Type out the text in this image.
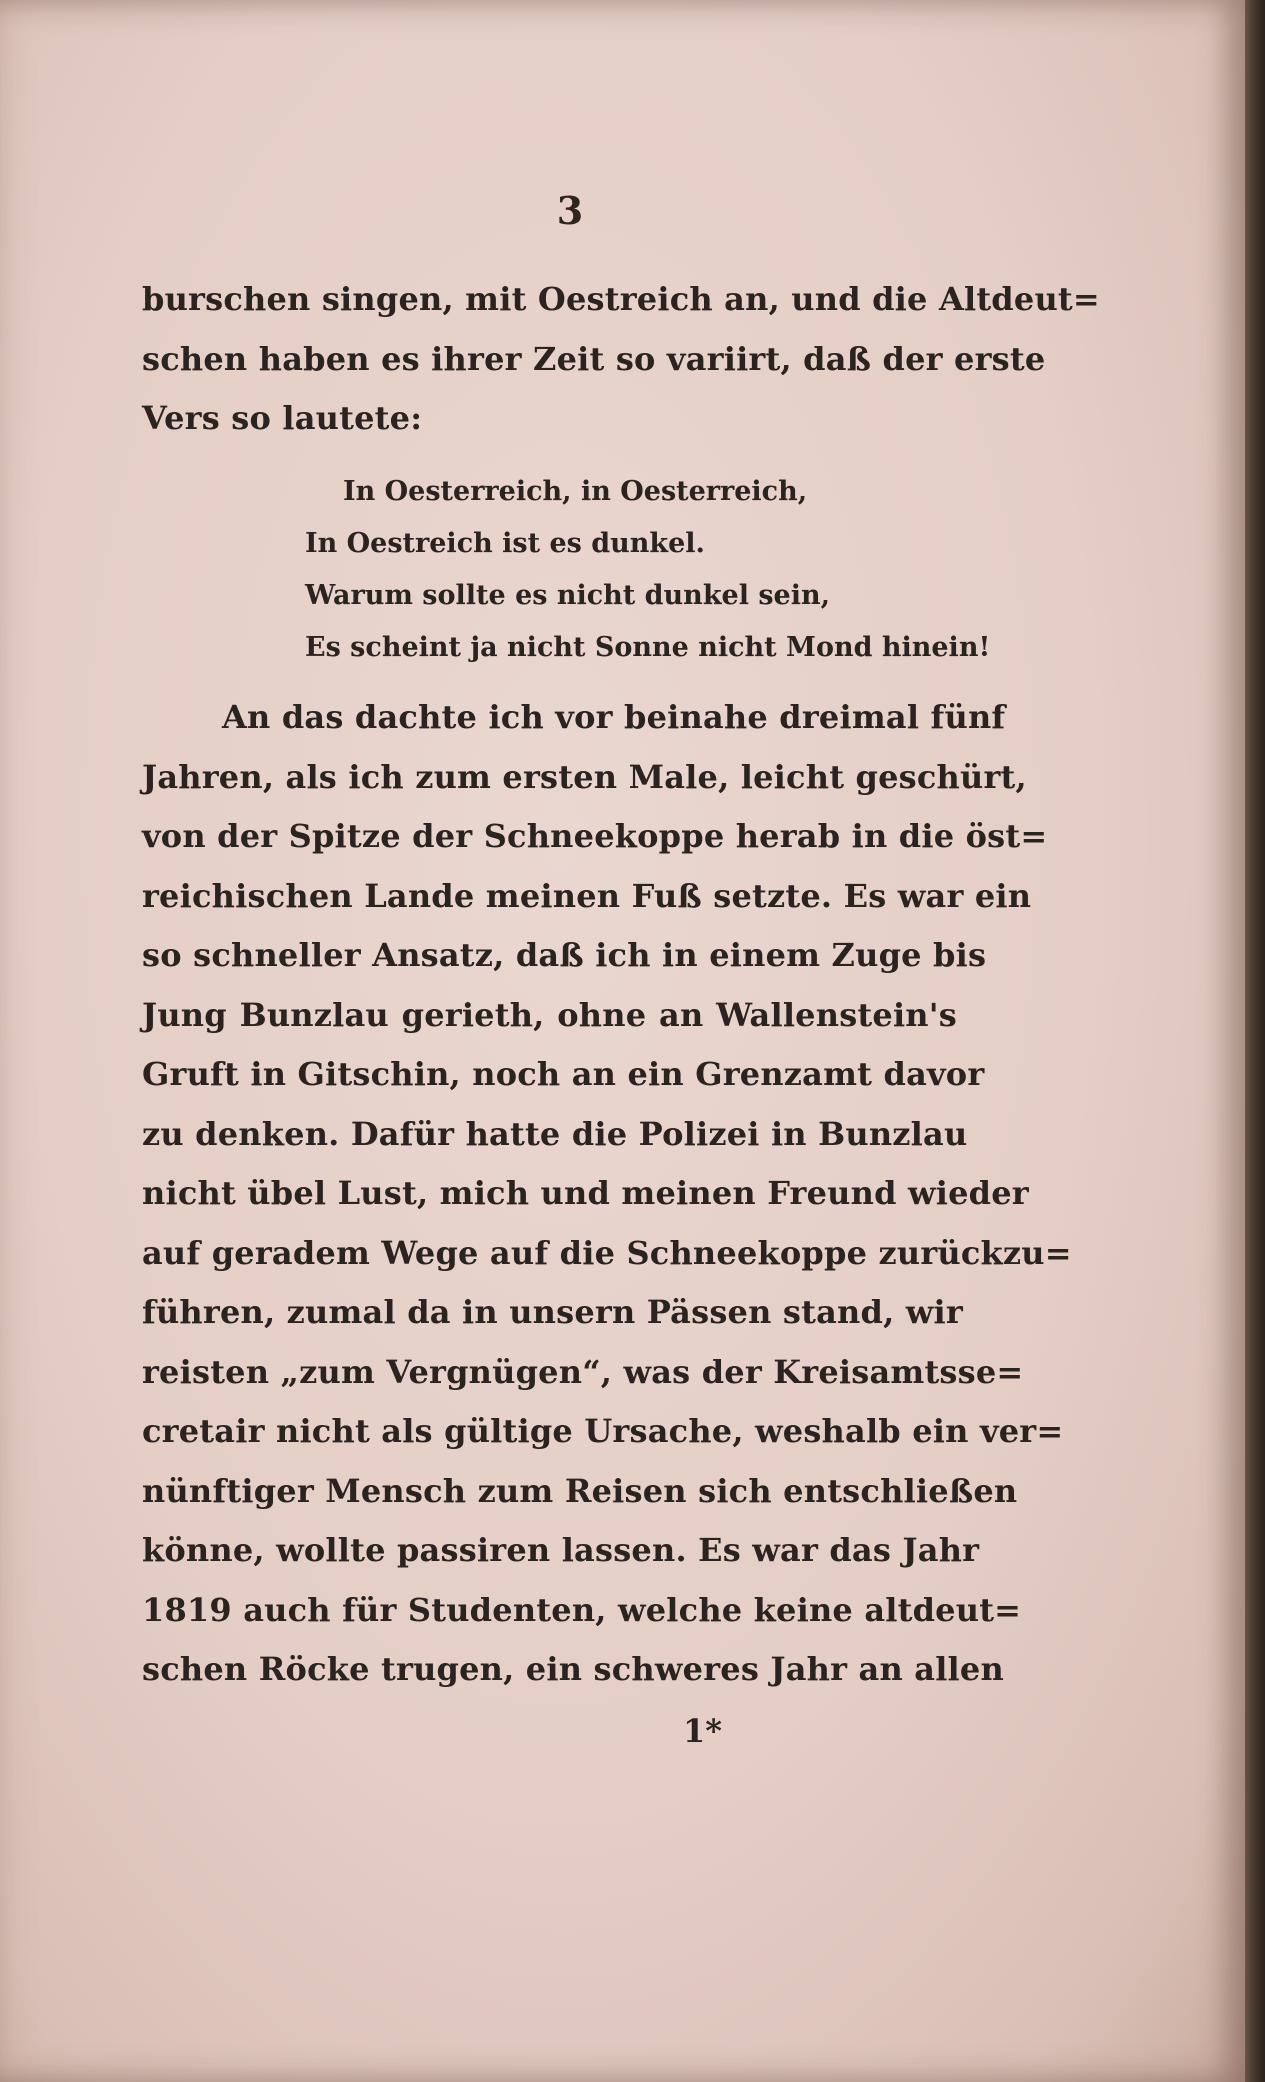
3
burschen singen, mit Oestreich an, und die Altdeut=
schen haben es ihrer Zeit so variirt, daß der erste
Vers so lautete:
In Oesterreich, in Oesterreich,
In Oestreich ist es dunkel.
Warum sollte es nicht dunkel sein,
Es scheint ja nicht Sonne nicht Mond hinein!
An das dachte ich vor beinahe dreimal fünf
Jahren, als ich zum ersten Male, leicht geschürt,
von der Spitze der Schneekoppe herab in die öst=
reichischen Lande meinen Fuß setzte. Es war ein
so schneller Ansatz, daß ich in einem Zuge bis
Jung Bunzlau gerieth, ohne an Wallenstein's
Gruft in Gitschin, noch an ein Grenzamt davor
zu denken. Dafür hatte die Polizei in Bunzlau
nicht übel Lust, mich und meinen Freund wieder
auf geradem Wege auf die Schneekoppe zurückzu=
führen, zumal da in unsern Pässen stand, wir
reisten „zum Vergnügen“, was der Kreisamtsse=
cretair nicht als gültige Ursache, weshalb ein ver=
nünftiger Mensch zum Reisen sich entschließen
könne, wollte passiren lassen. Es war das Jahr
1819 auch für Studenten, welche keine altdeut=
schen Röcke trugen, ein schweres Jahr an allen
1*
